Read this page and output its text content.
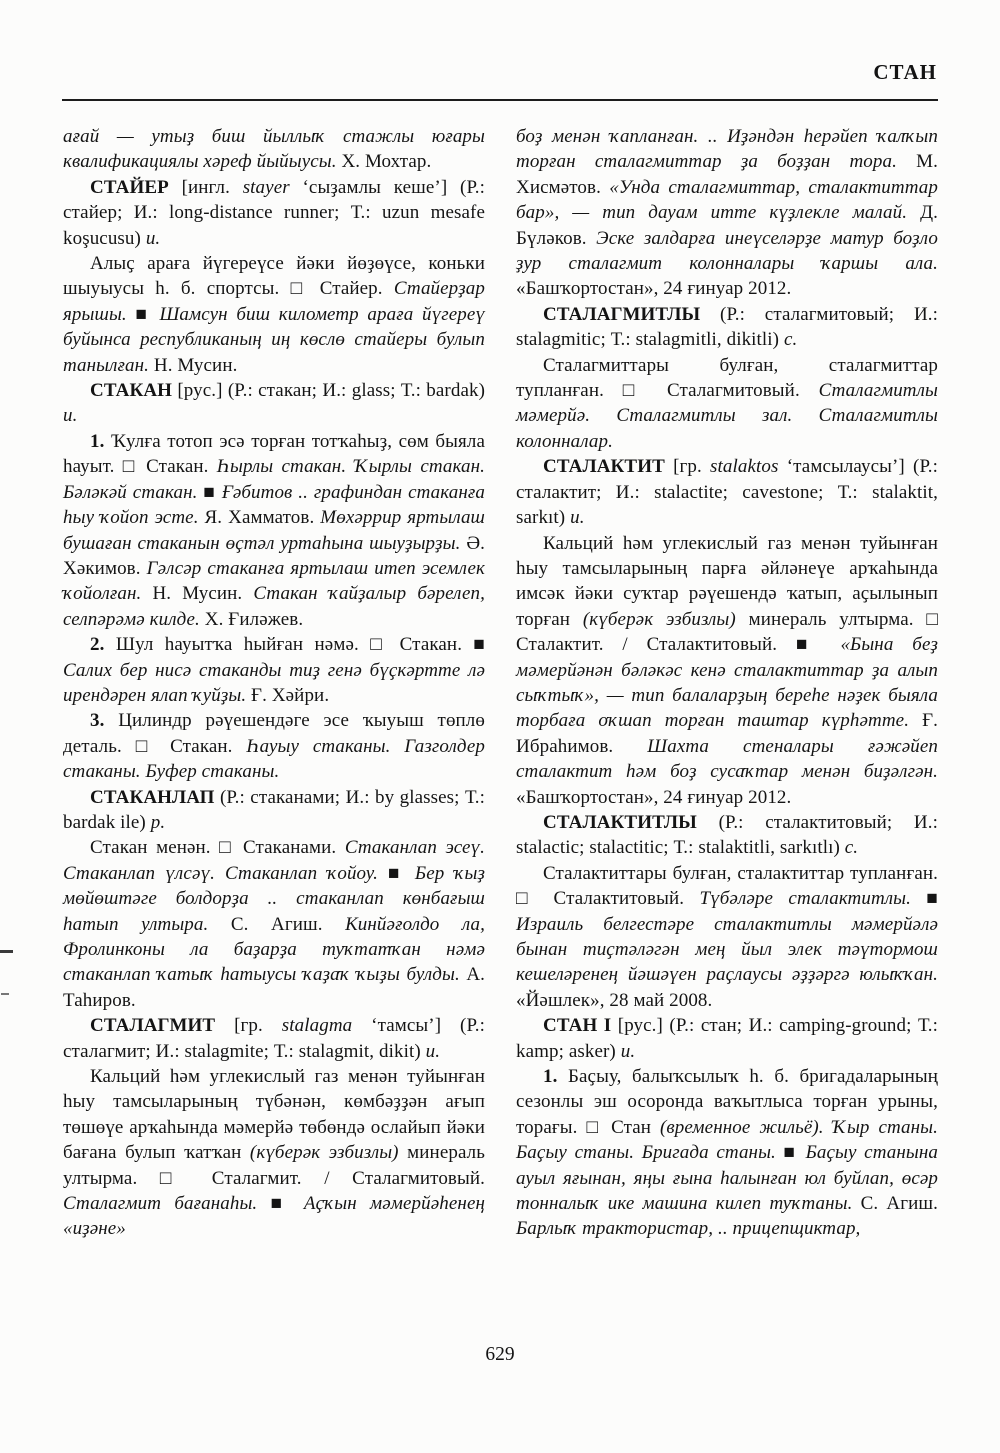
СТАН

ағай — утыҙ биш йыллыҡ стажлы юғары квалификациялы хәреф йыйыусы. Х. Мохтар.

СТАЙЕР [ингл. stayer ‘сыҙамлы кеше’] (Р.: стайер; И.: long-distance runner; Т.: uzun mesafe koşucusu) и.

Алыҫ араға йүгереүсе йәки йөҙөүсе, коньки шыуыусы һ. б. спортсы. □ Стайер. Стайерҙар ярышы. ■ Шамсун биш километр араға йүгереү буйынса республиканың иң көслө стайеры булып танылған. Н. Мусин.

СТАКАН [рус.] (Р.: стакан; И.: glass; Т.: bardak) и.

1. Ҡулға тотоп эсә торған тотҡаһыҙ, сөм быяла һауыт. □ Стакан. Һырлы стакан. Ҡырлы стакан. Бәләкәй стакан. ■ Ғәбитов .. графиндан стаканға һыу ҡойоп эсте. Я. Хамматов. Мөхәррир яртылаш бушаған стаканын өҫтәл уртаһына шыуҙырҙы. Ә. Хәкимов. Гәлсәр стаканға яртылаш итеп эсемлек ҡойолған. Н. Мусин. Стакан ҡайҙалыр бәрелеп, селпәрәмә килде. Х. Ғиләжев.

2. Шул һауытҡа һыйған нәмә. □ Стакан. ■ Салих бер нисә стаканды тиҙ генә бүҫкәртте лә ирендәрен ялап ҡуйҙы. Ғ. Хәйри.

3. Цилиндр рәүешендәге эсе ҡыуыш төплө деталь. □ Стакан. Һауыу стаканы. Газголдер стаканы. Буфер стаканы.

СТАКАНЛАП (Р.: стаканами; И.: by glasses; Т.: bardak ile) р.

Стакан менән. □ Стаканами. Стаканлап эсеү. Стаканлап үлсәү. Стаканлап ҡойоу. ■ Бер ҡыҙ мөйөштәге болдорҙа .. стаканлап көнбағыш һатып ултыра. С. Агиш. Кинйәғолдо ла, Фролинконы ла баҙарҙа туҡтатҡан нәмә стаканлап ҡатыҡ һатыусы ҡаҙаҡ ҡыҙы булды. А. Таһиров.

СТАЛАГМИТ [гр. stalagma ‘тамсы’] (Р.: сталагмит; И.: stalagmite; Т.: stalagmit, dikit) и.

Кальций һәм углекислый газ менән туйынған һыу тамсыларының түбәнән, көмбәҙҙән ағып төшөүе арҡаһында мәмерйә төбөндә ослайып йәки бағана булып ҡатҡан (күберәк эзбизлы) минераль ултырма. □ Сталагмит. / Сталагмитовый. Сталагмит бағанаһы. ■ Аҫҡын мәмерйәһенең «иҙәне»

боҙ менән ҡапланған. .. Иҙәндән һерәйеп ҡалҡып торған сталагмиттар ҙа боҙҙан тора. М. Хисмәтов. «Унда сталагмиттар, сталактиттар бар», — тип дауам итте күҙлекле малай. Д. Бүләков. Эске залдарға инеүселәрҙе матур боҙло ҙур сталагмит колонналары ҡаршы ала. «Башҡортостан», 24 ғинуар 2012.

СТАЛАГМИТЛЫ (Р.: сталагмитовый; И.: stalagmitic; Т.: stalagmitli, dikitli) с.

Сталагмиттары булған, сталагмиттар тупланған. □ Сталагмитовый. Сталагмитлы мәмерйә. Сталагмитлы зал. Сталагмитлы колонналар.

СТАЛАКТИТ [гр. stalaktos ‘тамсылаусы’] (Р.: сталактит; И.: stalactite; cavestone; Т.: stalaktit, sarkıt) и.

Кальций һәм углекислый газ менән туйынған һыу тамсыларының парға әйләнеүе арҡаһында имсәк йәки суҡтар рәүешендә ҡатып, аҫылынып торған (күберәк эзбизлы) минераль ултырма. □ Сталактит. / Сталактитовый. ■ «Бына беҙ мәмерйәнән бәләкәс кенә сталактиттар ҙа алып сыҡтыҡ», — тип балаларҙың береһе нәҙек быяла торбаға оҡшап торған таштар күрһәтте. Ғ. Ибраһимов. Шахта стеналары ғәжәйеп сталактит һәм боҙ сусаҡтар менән биҙәлгән. «Башҡортостан», 24 ғинуар 2012.

СТАЛАКТИТЛЫ (Р.: сталактитовый; И.: stalactic; stalactitic; Т.: stalaktitli, sarkıtlı) с.

Сталактиттары булған, сталактиттар тупланған. □ Сталактитовый. Түбәләре сталактитлы. ■ Израиль белгестәре сталактитлы мәмерйәлә бынан тиҫтәләгән мең йыл элек тәүтормош кешеләренең йәшәүен раҫлаусы әҙҙәргә юлыҡҡан. «Йәшлек», 28 май 2008.

СТАН I [рус.] (Р.: стан; И.: camping-ground; Т.: kamp; asker) и.

1. Баҫыу, балыҡсылыҡ һ. б. бригадаларының сезонлы эш осоронда ваҡытлыса торған урыны, торағы. □ Стан (временное жильё). Ҡыр станы. Баҫыу станы. Бригада станы. ■ Баҫыу станына ауыл яғынан, яңы ғына һалынған юл буйлап, өсәр тонналыҡ ике машина килеп туҡтаны. С. Агиш. Барлыҡ трактористар, .. прицепщиктар,

629
